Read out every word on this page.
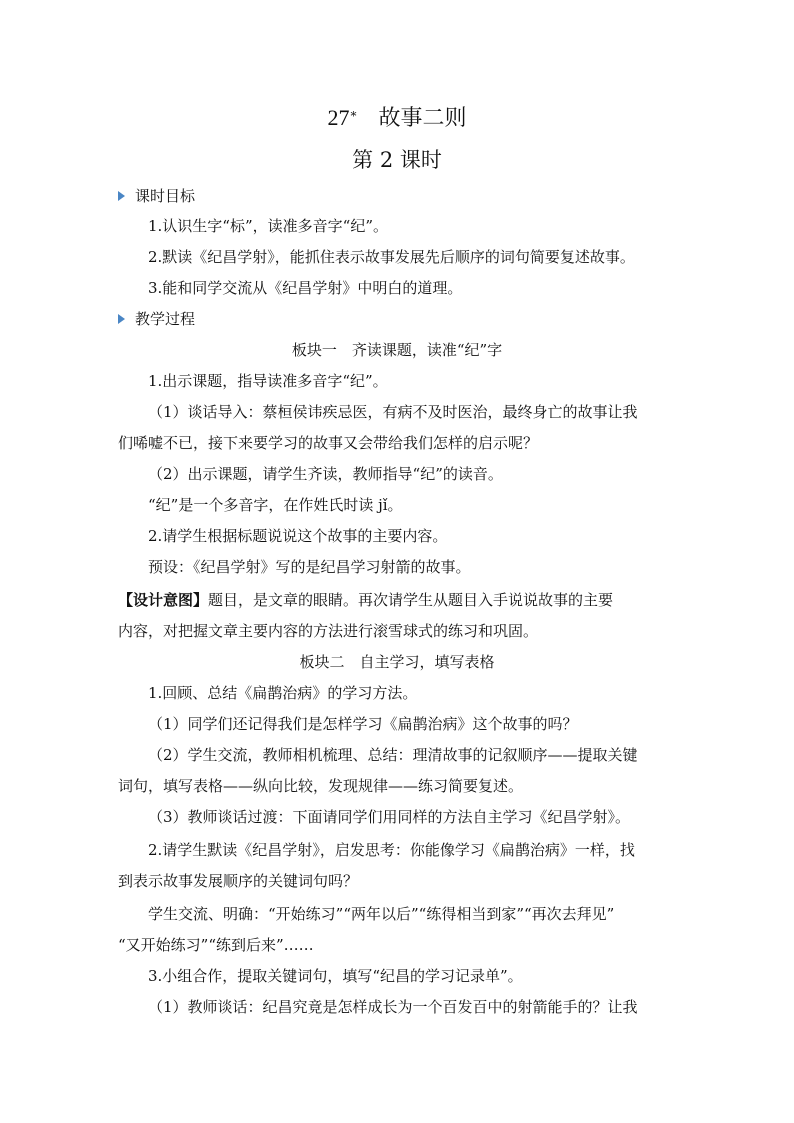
27* 故事二则
第 2 课时
课时目标
1.认识生字“标”，读准多音字“纪”。
2.默读《纪昌学射》，能抓住表示故事发展先后顺序的词句简要复述故事。
3.能和同学交流从《纪昌学射》中明白的道理。
教学过程
板块一　齐读课题，读准“纪”字
1.出示课题，指导读准多音字“纪”。
（1）谈话导入：蔡桓侯讳疾忌医，有病不及时医治，最终身亡的故事让我
们唏嘘不已，接下来要学习的故事又会带给我们怎样的启示呢？
（2）出示课题，请学生齐读，教师指导“纪”的读音。
“纪”是一个多音字，在作姓氏时读 jǐ。
2.请学生根据标题说说这个故事的主要内容。
预设：《纪昌学射》写的是纪昌学习射箭的故事。
【设计意图】题目，是文章的眼睛。再次请学生从题目入手说说故事的主要
内容，对把握文章主要内容的方法进行滚雪球式的练习和巩固。
板块二　自主学习，填写表格
1.回顾、总结《扁鹊治病》的学习方法。
（1）同学们还记得我们是怎样学习《扁鹊治病》这个故事的吗？
（2）学生交流，教师相机梳理、总结：理清故事的记叙顺序——提取关键
词句，填写表格——纵向比较，发现规律——练习简要复述。
（3）教师谈话过渡：下面请同学们用同样的方法自主学习《纪昌学射》。
2.请学生默读《纪昌学射》，启发思考：你能像学习《扁鹊治病》一样，找
到表示故事发展顺序的关键词句吗？
学生交流、明确：“开始练习”“两年以后”“练得相当到家”“再次去拜见”
“又开始练习”“练到后来”……
3.小组合作，提取关键词句，填写“纪昌的学习记录单”。
（1）教师谈话：纪昌究竟是怎样成长为一个百发百中的射箭能手的？让我
